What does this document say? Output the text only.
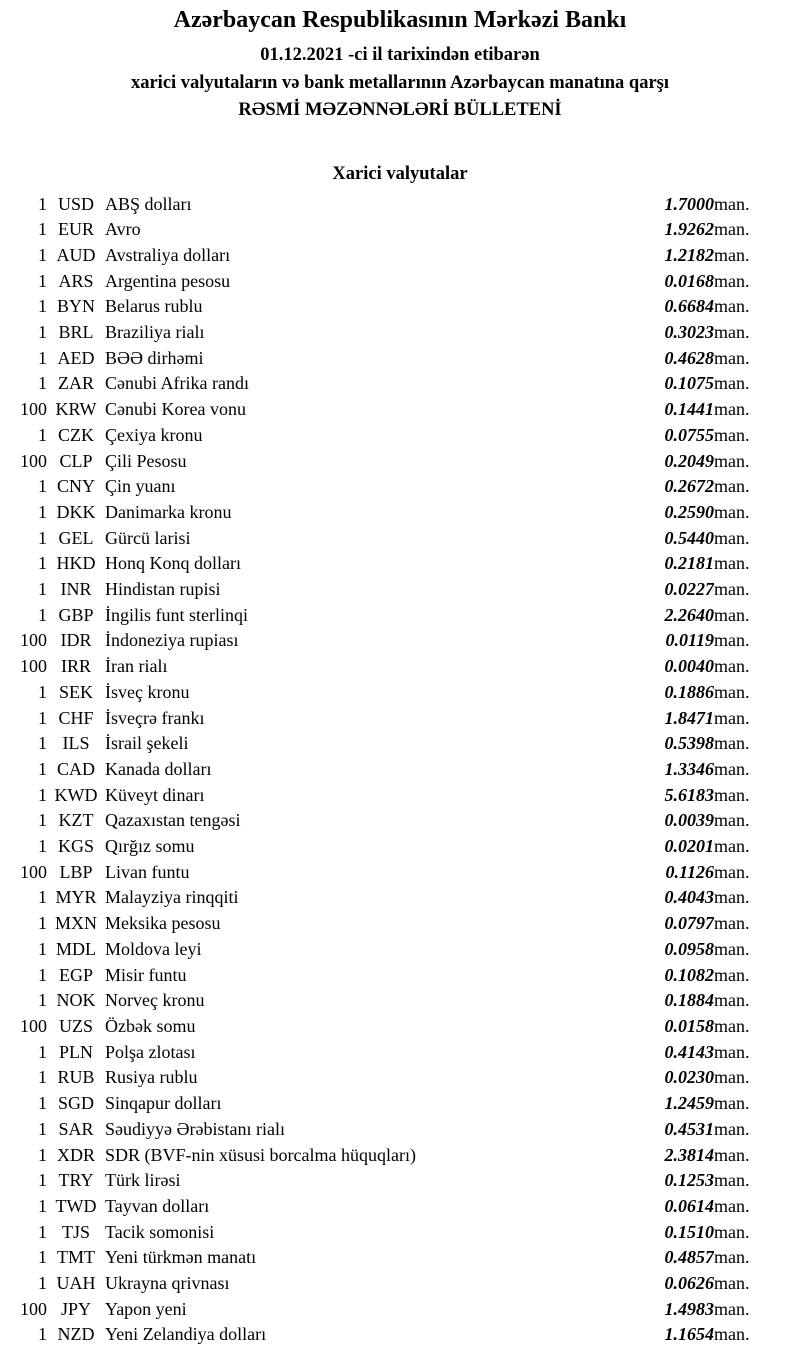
Azərbaycan Respublikasının Mərkəzi Bankı
01.12.2021 -ci il tarixindən etibarən
xarici valyutaların və bank metallarının Azərbaycan manatına qarşı
RƏSMİ MƏZƏNNƏLƏRİ BÜLLETENİ
Xarici valyutalar
1	USD	ABŞ dolları	1.7000	man.
1	EUR	Avro	1.9262	man.
1	AUD	Avstraliya dolları	1.2182	man.
1	ARS	Argentina pesosu	0.0168	man.
1	BYN	Belarus rublu	0.6684	man.
1	BRL	Braziliya rialı	0.3023	man.
1	AED	BƏƏ dirhəmi	0.4628	man.
1	ZAR	Cənubi Afrika randı	0.1075	man.
100	KRW	Cənubi Korea vonu	0.1441	man.
1	CZK	Çexiya kronu	0.0755	man.
100	CLP	Çili Pesosu	0.2049	man.
1	CNY	Çin yuanı	0.2672	man.
1	DKK	Danimarka kronu	0.2590	man.
1	GEL	Gürcü larisi	0.5440	man.
1	HKD	Honq Konq dolları	0.2181	man.
1	INR	Hindistan rupisi	0.0227	man.
1	GBP	İngilis funt sterlinqi	2.2640	man.
100	IDR	İndoneziya rupiası	0.0119	man.
100	IRR	İran rialı	0.0040	man.
1	SEK	İsveç kronu	0.1886	man.
1	CHF	İsveçrə frankı	1.8471	man.
1	ILS	İsrail şekeli	0.5398	man.
1	CAD	Kanada dolları	1.3346	man.
1	KWD	Küveyt dinarı	5.6183	man.
1	KZT	Qazaxıstan tengəsi	0.0039	man.
1	KGS	Qırğız somu	0.0201	man.
100	LBP	Livan funtu	0.1126	man.
1	MYR	Malayziya rinqqiti	0.4043	man.
1	MXN	Meksika pesosu	0.0797	man.
1	MDL	Moldova leyi	0.0958	man.
1	EGP	Misir funtu	0.1082	man.
1	NOK	Norveç kronu	0.1884	man.
100	UZS	Özbək somu	0.0158	man.
1	PLN	Polşa zlotası	0.4143	man.
1	RUB	Rusiya rublu	0.0230	man.
1	SGD	Sinqapur dolları	1.2459	man.
1	SAR	Səudiyyə Ərəbistanı rialı	0.4531	man.
1	XDR	SDR (BVF-nin xüsusi borcalma hüquqları)	2.3814	man.
1	TRY	Türk lirəsi	0.1253	man.
1	TWD	Tayvan dolları	0.0614	man.
1	TJS	Tacik somonisi	0.1510	man.
1	TMT	Yeni türkmən manatı	0.4857	man.
1	UAH	Ukrayna qrivnası	0.0626	man.
100	JPY	Yapon yeni	1.4983	man.
1	NZD	Yeni Zelandiya dolları	1.1654	man.
